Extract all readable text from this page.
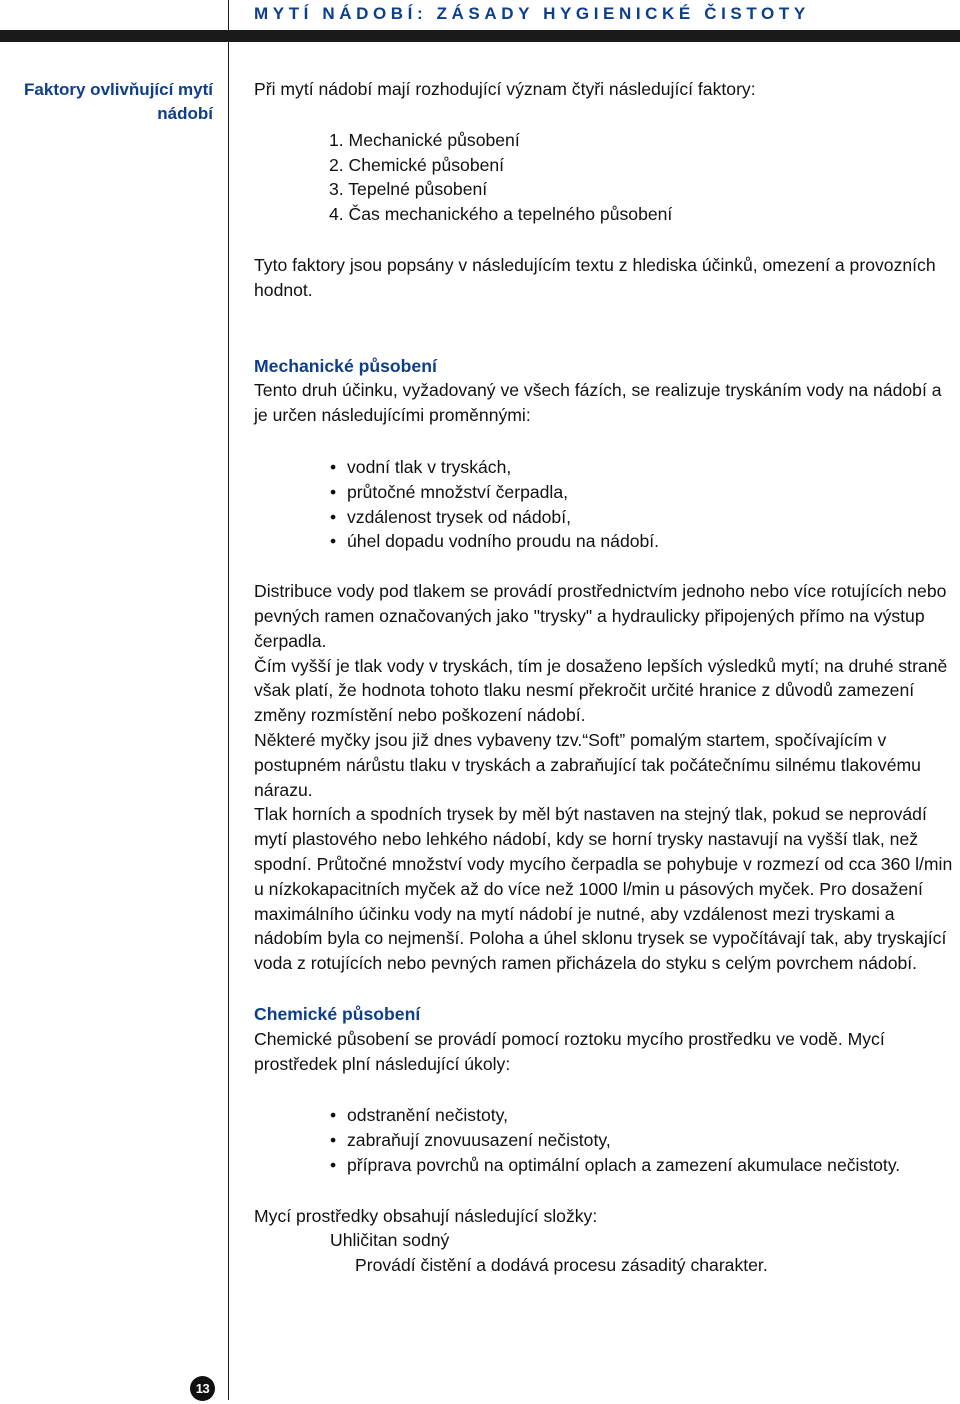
MYTÍ NÁDOBÍ: ZÁSADY HYGIENICKÉ ČISTOTY
Faktory ovlivňující mytí nádobí

Při mytí nádobí mají rozhodující význam čtyři následující faktory:

1. Mechanické působení
2. Chemické působení
3. Tepelné působení
4. Čas mechanického a tepelného působení

Tyto faktory jsou popsány v následujícím textu z hlediska účinků, omezení a provozních hodnot.

Mechanické působení

Tento druh účinku, vyžadovaný ve všech fázích, se realizuje tryskáním vody na nádobí a je určen následujícími proměnnými:

• vodní tlak v tryskách,
• průtočné množství čerpadla,
• vzdálenost trysek od nádobí,
• úhel dopadu vodního proudu na nádobí.

Distribuce vody pod tlakem se provádí prostřednictvím jednoho nebo více rotujících nebo pevných ramen označovaných jako "trysky" a hydraulicky připojených přímo na výstup čerpadla.

Čím vyšší je tlak vody v tryskách, tím je dosaženo lepších výsledků mytí; na druhé straně však platí, že hodnota tohoto tlaku nesmí překročit určité hranice z důvodů zamezení změny rozmístění nebo poškození nádobí.

Některé myčky jsou již dnes vybaveny tzv.“Soft” pomalým startem, spočívajícím v postupném nárůstu tlaku v tryskách a zabraňující tak počátečnímu silnému tlakovému nárazu.

Tlak horních a spodních trysek by měl být nastaven na stejný tlak, pokud se neprovádí mytí plastového nebo lehkého nádobí, kdy se horní trysky nastavují na vyšší tlak, než spodní. Průtočné množství vody mycího čerpadla se pohybuje v rozmezí od cca 360 l/min u nízkokapacitních myček až do více než 1000 l/min u pásových myček. Pro dosažení maximálního účinku vody na mytí nádobí je nutné, aby vzdálenost mezi tryskami a nádobím byla co nejmenší. Poloha a úhel sklonu trysek se vypočítávají tak, aby tryskající voda z rotujících nebo pevných ramen přicházela do styku s celým povrchem nádobí.

Chemické působení

Chemické působení se provádí pomocí roztoku mycího prostředku ve vodě. Mycí prostředek plní následující úkoly:

• odstranění nečistoty,
• zabraňují znovuusazení nečistoty,
• příprava povrchů na optimální oplach a zamezení akumulace nečistoty.

Mycí prostředky obsahují následující složky:

Uhličitan sodný

Provádí čistění a dodává procesu zásaditý charakter.

13
